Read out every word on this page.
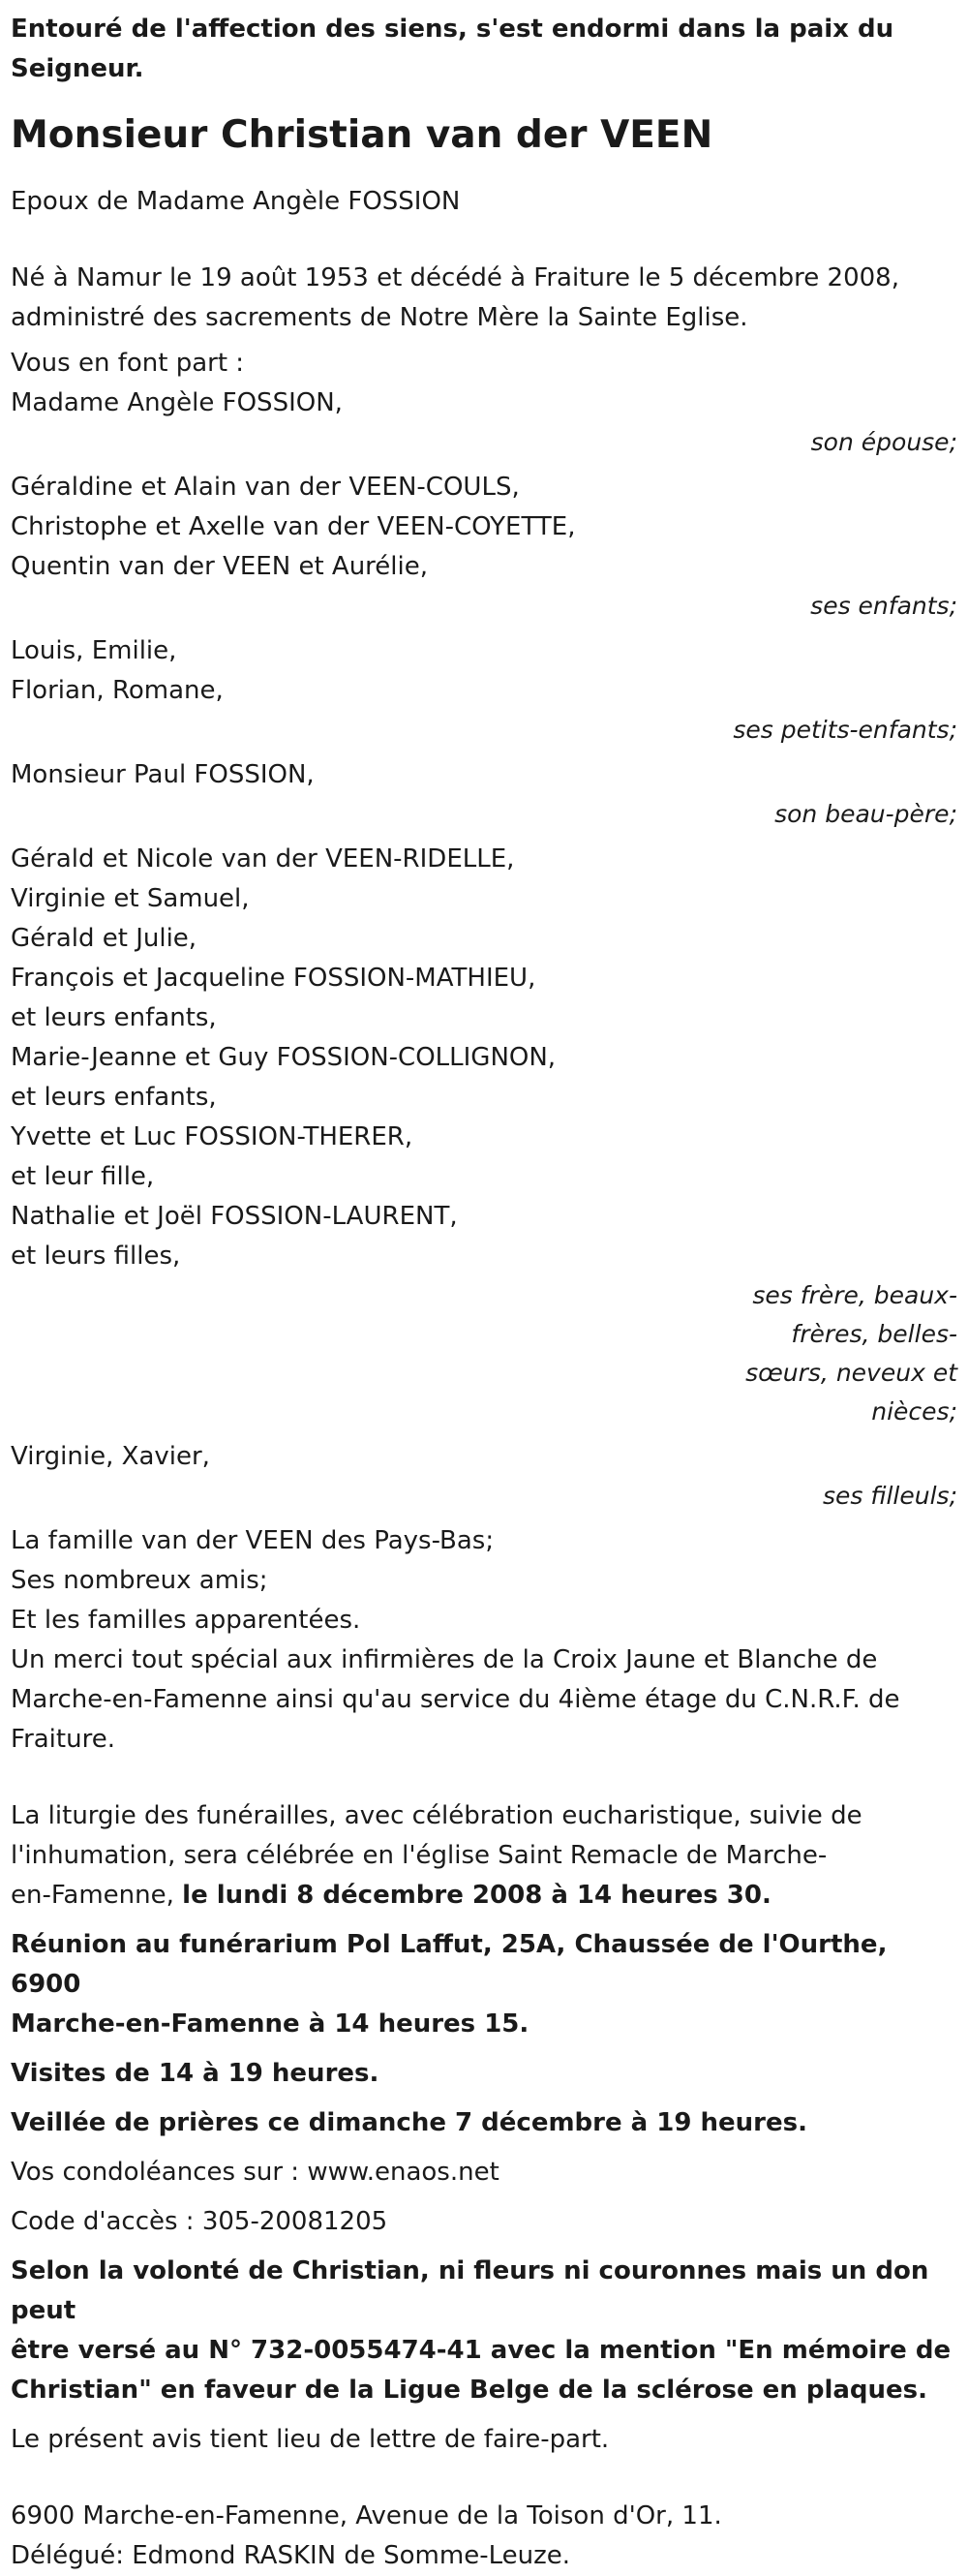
Entouré de l'affection des siens, s'est endormi dans la paix du Seigneur.

Monsieur Christian van der VEEN

Epoux de Madame Angèle FOSSION

Né à Namur le 19 août 1953 et décédé à Fraiture le 5 décembre 2008,
administré des sacrements de Notre Mère la Sainte Eglise.

Vous en font part :

Madame Angèle FOSSION,

son épouse;

Géraldine et Alain van der VEEN-COULS,
Christophe et Axelle van der VEEN-COYETTE,
Quentin van der VEEN et Aurélie,

ses enfants;

Louis, Emilie,
Florian, Romane,

ses petits-enfants;

Monsieur Paul FOSSION,

son beau-père;

Gérald et Nicole van der VEEN-RIDELLE,
Virginie et Samuel,
Gérald et Julie,
François et Jacqueline FOSSION-MATHIEU,
et leurs enfants,
Marie-Jeanne et Guy FOSSION-COLLIGNON,
et leurs enfants,
Yvette et Luc FOSSION-THERER,
et leur fille,
Nathalie et Joël FOSSION-LAURENT,
et leurs filles,

ses frère, beaux-

frères, belles-

sœurs, neveux et

nièces;

Virginie, Xavier,

ses filleuls;

La famille van der VEEN des Pays-Bas;
Ses nombreux amis;
Et les familles apparentées.
Un merci tout spécial aux infirmières de la Croix Jaune et Blanche de
Marche-en-Famenne ainsi qu'au service du 4ième étage du C.N.R.F. de
Fraiture.
La liturgie des funérailles, avec célébration eucharistique, suivie de
l'inhumation, sera célébrée en l'église Saint Remacle de Marche-
en-Famenne, le lundi 8 décembre 2008 à 14 heures 30.
Réunion au funérarium Pol Laffut, 25A, Chaussée de l'Ourthe, 6900
Marche-en-Famenne à 14 heures 15.

Visites de 14 à 19 heures.

Veillée de prières ce dimanche 7 décembre à 19 heures.

Vos condoléances sur : www.enaos.net

Code d'accès : 305-20081205

Selon la volonté de Christian, ni fleurs ni couronnes mais un don peut
être versé au N° 732-0055474-41 avec la mention "En mémoire de
Christian" en faveur de la Ligue Belge de la sclérose en plaques.

Le présent avis tient lieu de lettre de faire-part.

6900 Marche-en-Famenne, Avenue de la Toison d'Or, 11.
Délégué: Edmond RASKIN de Somme-Leuze.
